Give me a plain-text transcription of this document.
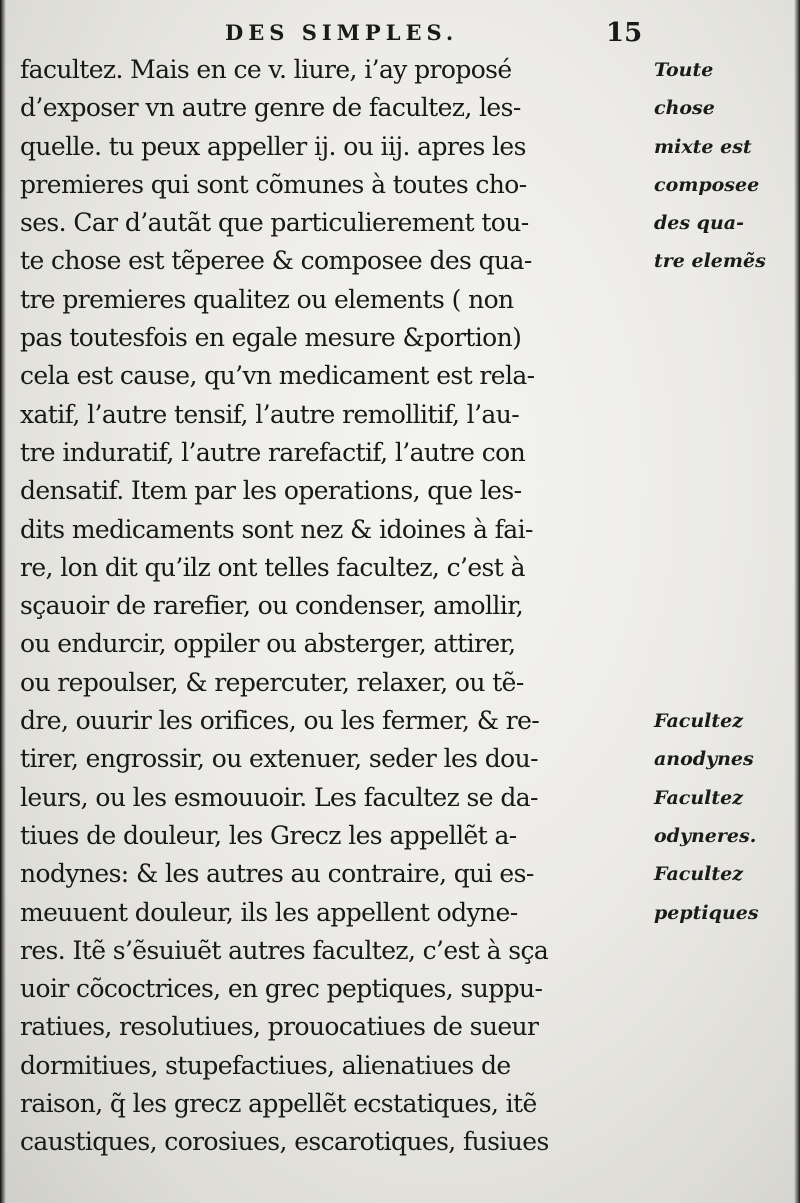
DES SIMPLES.	15
facultez. Mais en ce v. liure, i’ay proposé
d’exposer vn autre genre de facultez, les-
quelle. tu peux appeller ij. ou iij. apres les
premieres qui sont cõmunes à toutes cho-
ses. Car d’autãt que particulierement tou-
te chose est tẽperee & composee des qua-
tre premieres qualitez ou elements ( non
pas toutesfois en egale mesure &portion)
cela est cause, qu’vn medicament est rela-
xatif, l’autre tensif, l’autre remollitif, l’au-
tre induratif, l’autre rarefactif, l’autre con
densatif. Item par les operations, que les-
dits medicaments sont nez & idoines à fai-
re, lon dit qu’ilz ont telles facultez, c’est à
sçauoir de rarefier, ou condenser, amollir,
ou endurcir, oppiler ou absterger, attirer,
ou repoulser, & repercuter, relaxer, ou tẽ-
dre, ouurir les orifices, ou les fermer, & re-
tirer, engrossir, ou extenuer, seder les dou-
leurs, ou les esmouuoir. Les facultez se da-
tiues de douleur, les Grecz les appellẽt a-
nodynes: & les autres au contraire, qui es-
meuuent douleur, ils les appellent odyne-
res. Itẽ s’ẽsuiuẽt autres facultez, c’est à sça
uoir cõcoctrices, en grec peptiques, suppu-
ratiues, resolutiues, prouocatiues de sueur
dormitiues, stupefactiues, alienatiues de
raison, q̃ les grecz appellẽt ecstatiques, itẽ
caustiques, corosiues, escarotiques, fusiues
Toute
chose
mixte est
composee
des qua-
tre elemẽs
Facultez
anodynes
Facultez
odyneres.
Facultez
peptiques
